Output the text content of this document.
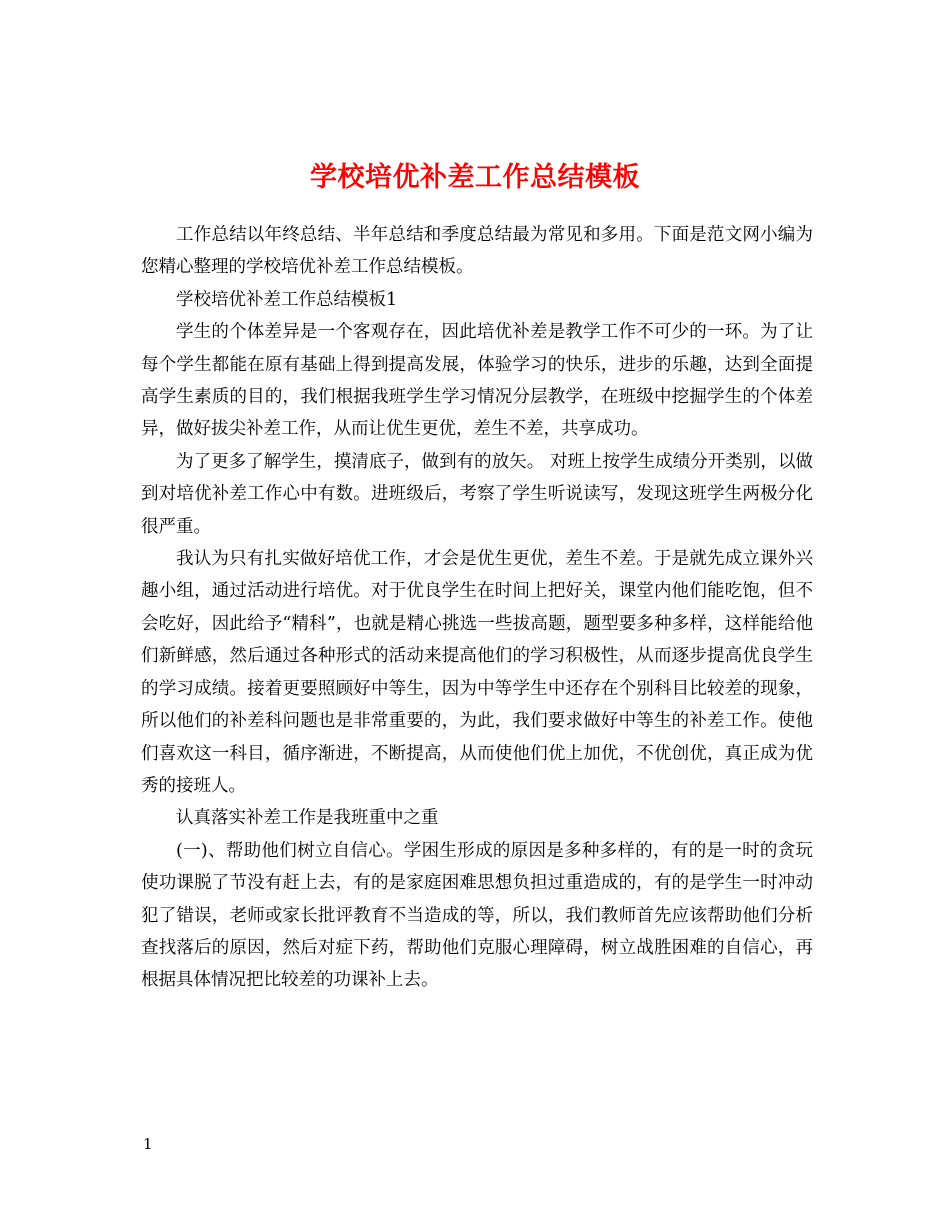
学校培优补差工作总结模板

工作总结以年终总结、半年总结和季度总结最为常见和多用。下面是范文网小编为您精心整理的学校培优补差工作总结模板。

学校培优补差工作总结模板1

学生的个体差异是一个客观存在，因此培优补差是教学工作不可少的一环。为了让每个学生都能在原有基础上得到提高发展，体验学习的快乐，进步的乐趣，达到全面提高学生素质的目的，我们根据我班学生学习情况分层教学，在班级中挖掘学生的个体差异，做好拔尖补差工作，从而让优生更优，差生不差，共享成功。

为了更多了解学生，摸清底子，做到有的放矢。 对班上按学生成绩分开类别，以做到对培优补差工作心中有数。进班级后，考察了学生听说读写，发现这班学生两极分化很严重。

我认为只有扎实做好培优工作，才会是优生更优，差生不差。于是就先成立课外兴趣小组，通过活动进行培优。对于优良学生在时间上把好关，课堂内他们能吃饱，但不会吃好，因此给予“精科”，也就是精心挑选一些拔高题，题型要多种多样，这样能给他们新鲜感，然后通过各种形式的活动来提高他们的学习积极性，从而逐步提高优良学生的学习成绩。接着更要照顾好中等生，因为中等学生中还存在个别科目比较差的现象，所以他们的补差科问题也是非常重要的，为此，我们要求做好中等生的补差工作。使他们喜欢这一科目，循序渐进，不断提高，从而使他们优上加优，不优创优，真正成为优秀的接班人。

认真落实补差工作是我班重中之重

(一)、帮助他们树立自信心。学困生形成的原因是多种多样的，有的是一时的贪玩使功课脱了节没有赶上去，有的是家庭困难思想负担过重造成的，有的是学生一时冲动犯了错误，老师或家长批评教育不当造成的等，所以，我们教师首先应该帮助他们分析查找落后的原因，然后对症下药，帮助他们克服心理障碍，树立战胜困难的自信心，再根据具体情况把比较差的功课补上去。

1
